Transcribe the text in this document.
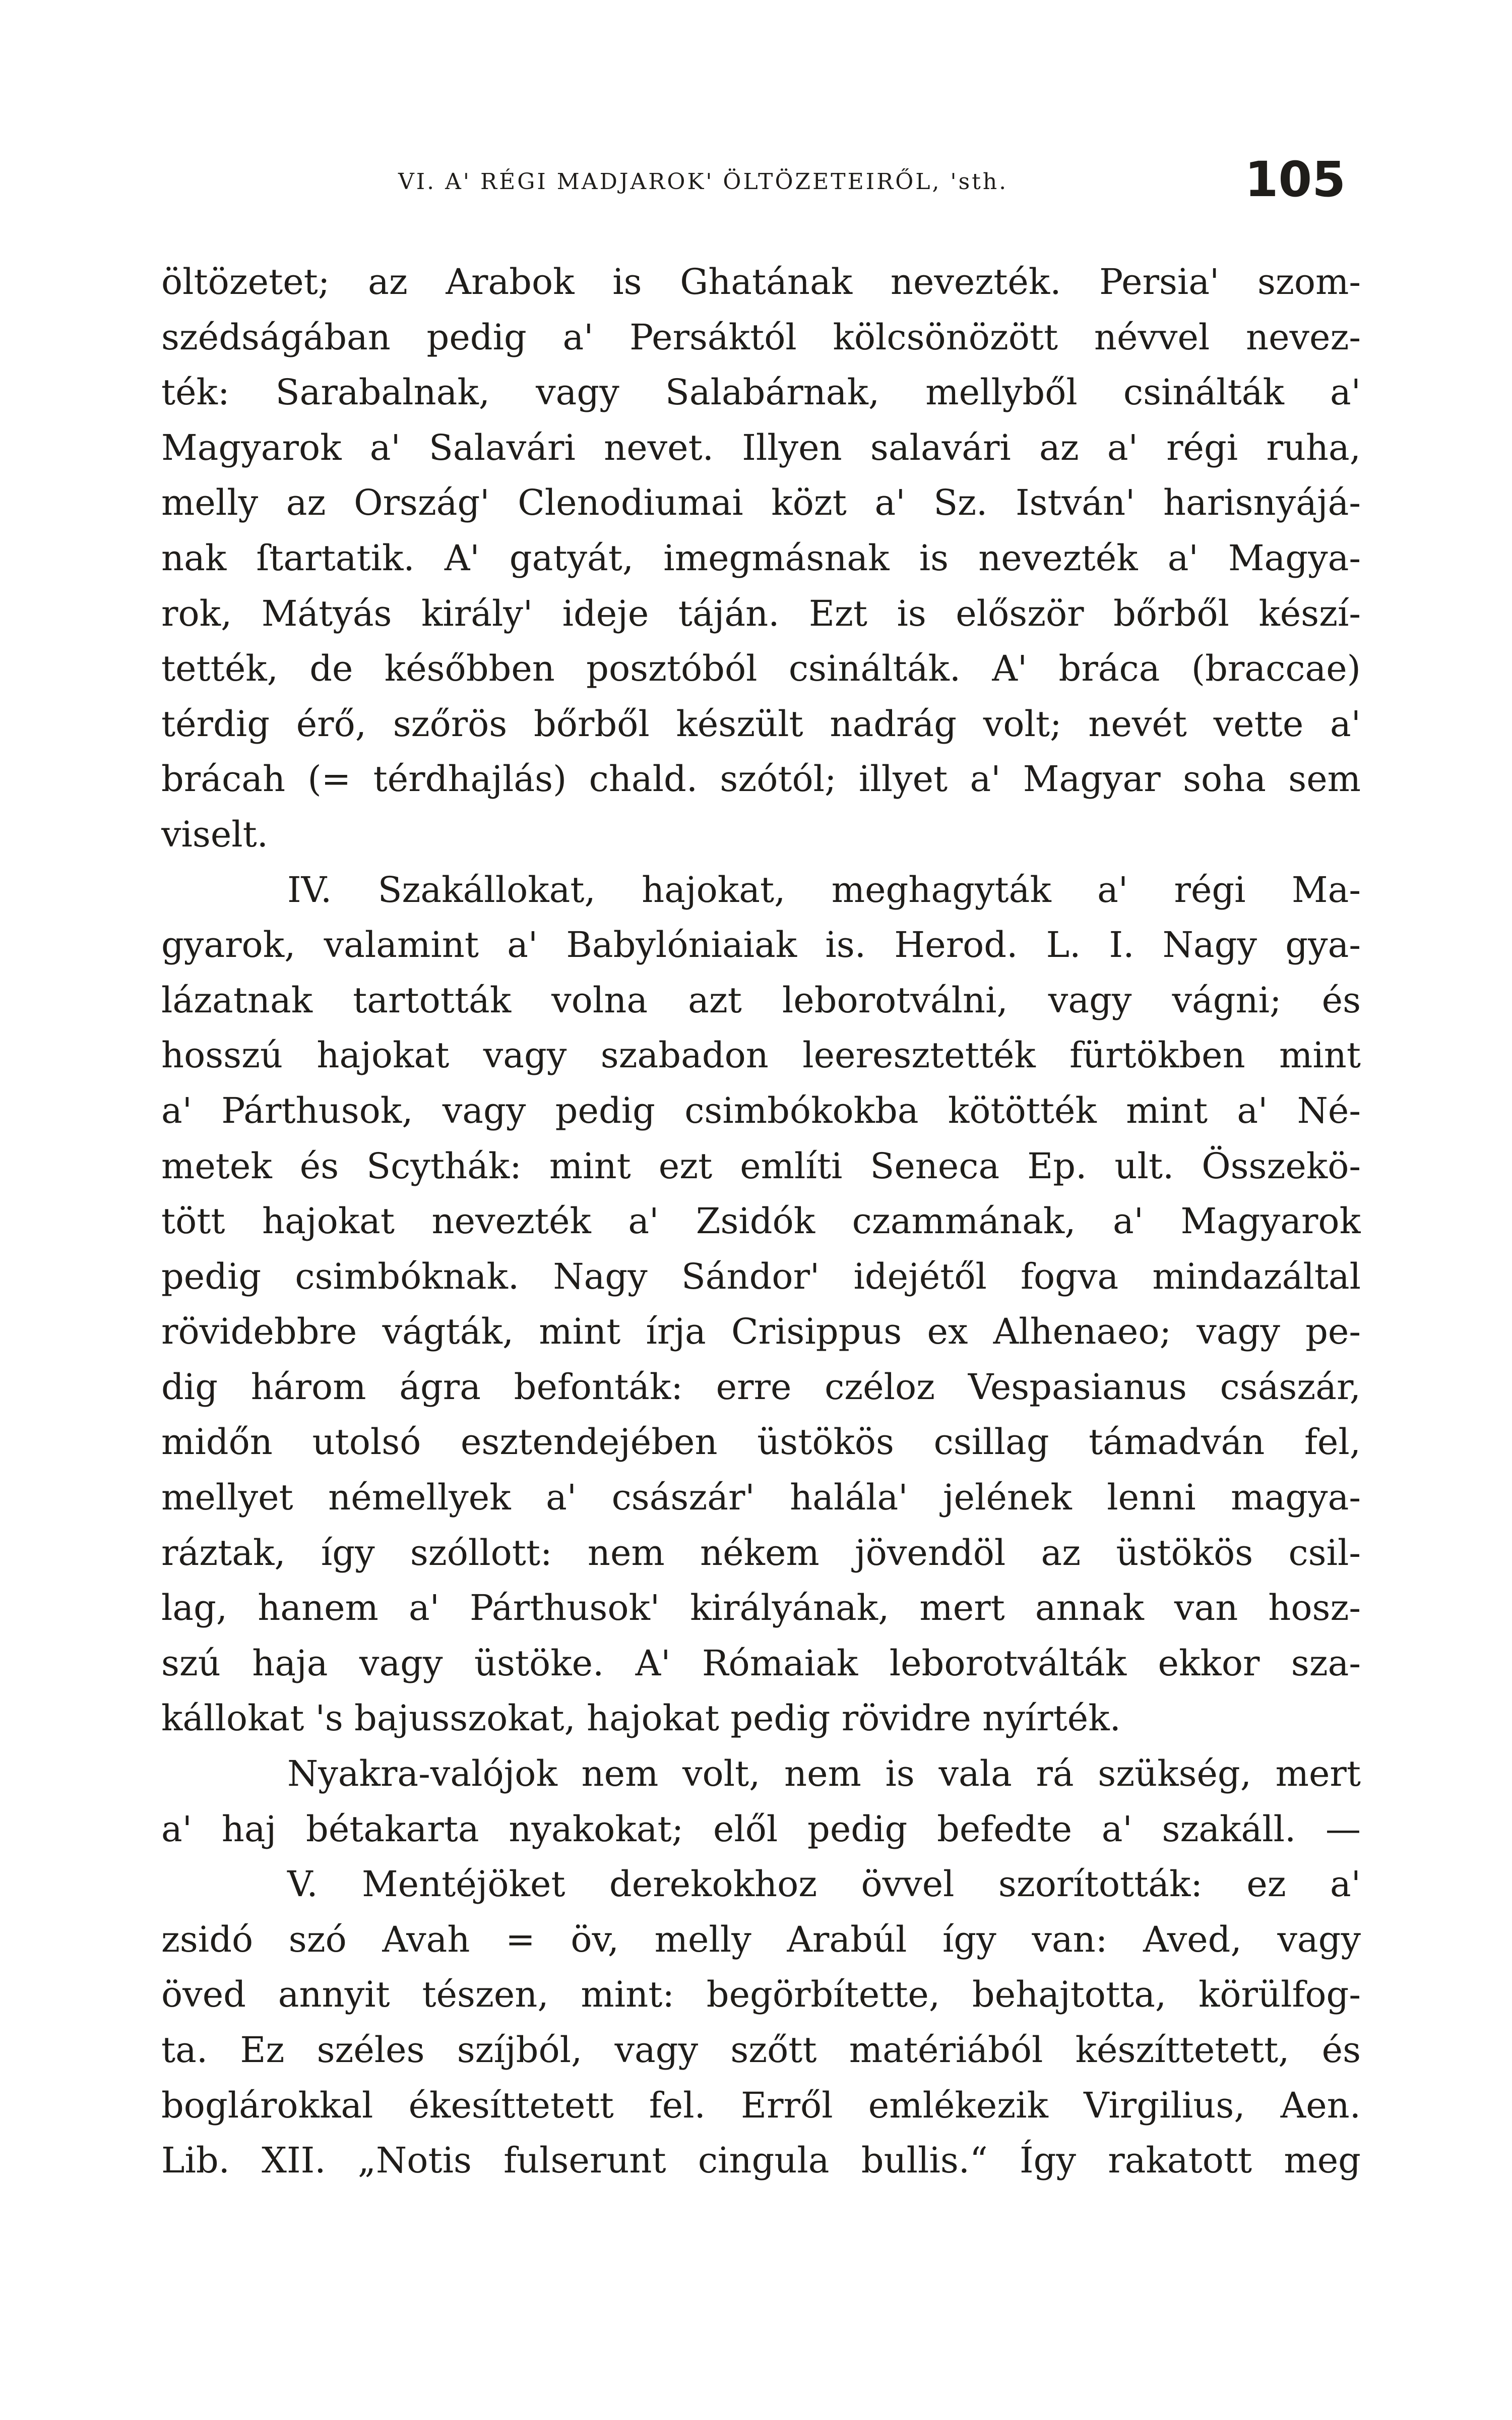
VI. A' RÉGI MADJAROK' ÖLTÖZETEIRŐL, 'sth.	105
öltözetet; az Arabok is Ghatának nevezték. Persia' szom-
szédságában pedig a' Persáktól kölcsönözött névvel nevez-
ték: Sarabalnak, vagy Salabárnak, mellyből csinálták a'
Magyarok a' Salavári nevet. Illyen salavári az a' régi ruha,
melly az Ország' Clenodiumai közt a' Sz. István' harisnyájá-
nak ſtartatik. A' gatyát, imegmásnak is nevezték a' Magya-
rok, Mátyás király' ideje táján. Ezt is először bőrből készí-
tették, de későbben posztóból csinálták. A' bráca (braccae)
térdig érő, szőrös bőrből készült nadrág volt; nevét vette a'
brácah (= térdhajlás) chald. szótól; illyet a' Magyar soha sem
viselt.
IV. Szakállokat, hajokat, meghagyták a' régi Ma-
gyarok, valamint a' Babylóniaiak is. Herod. L. I. Nagy gya-
lázatnak tartották volna azt leborotválni, vagy vágni; és
hosszú hajokat vagy szabadon leeresztették fürtökben mint
a' Párthusok, vagy pedig csimbókokba kötötték mint a' Né-
metek és Scythák: mint ezt említi Seneca Ep. ult. Összekö-
tött hajokat nevezték a' Zsidók czammának, a' Magyarok
pedig csimbóknak. Nagy Sándor' idejétől fogva mindazáltal
rövidebbre vágták, mint írja Crisippus ex Alhenaeo; vagy pe-
dig három ágra befonták: erre czéloz Vespasianus császár,
midőn utolsó esztendejében üstökös csillag támadván fel,
mellyet némellyek a' császár' halála' jelének lenni magya-
ráztak, így szóllott: nem nékem jövendöl az üstökös csil-
lag, hanem a' Párthusok' királyának, mert annak van hosz-
szú haja vagy üstöke. A' Rómaiak leborotválták ekkor sza-
kállokat 's bajusszokat, hajokat pedig rövidre nyírték.
Nyakra-valójok nem volt, nem is vala rá szükség, mert
a' haj bétakarta nyakokat; elől pedig befedte a' szakáll. —
V. Mentéjöket derekokhoz övvel szorították: ez a'
zsidó szó Avah = öv, melly Arabúl így van: Aved, vagy
öved annyit tészen, mint: begörbítette, behajtotta, körülfog-
ta. Ez széles szíjból, vagy szőtt matériából készíttetett, és
boglárokkal ékesíttetett fel. Erről emlékezik Virgilius, Aen.
Lib. XII. „Notis fulserunt cingula bullis.“ Így rakatott meg
